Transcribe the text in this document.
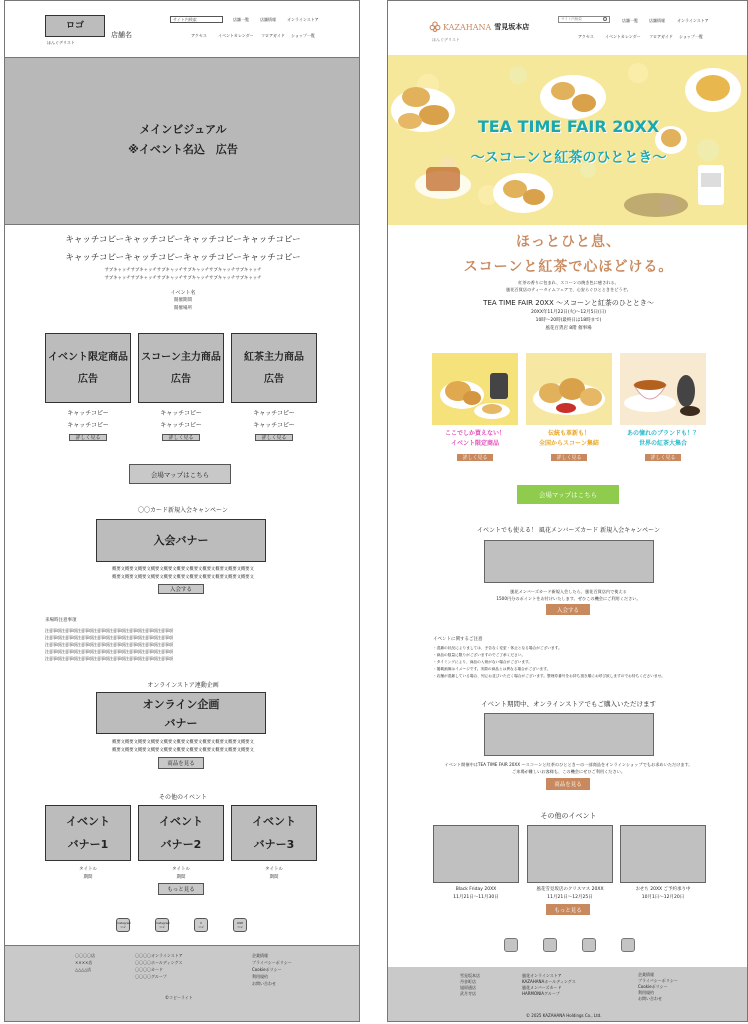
ロゴ
店舗名
ほんぐデリスト
サイト内検索	店舗一覧	店舗情報	オンラインストア
アクセス	イベントカレンダー フロアガイド ショップ一覧
メインビジュアル
※イベント名込　広告
キャッチコピーキャッチコピーキャッチコピーキャッチコピー
キャッチコピーキャッチコピーキャッチコピーキャッチコピー
サブキャッチサブキャッチサブキャッチサブキャッチサブキャッチサブキャッチ
サブキャッチサブキャッチサブキャッチサブキャッチサブキャッチサブキャッチ
イベント名
開催期間
開催場所
イベント限定商品
広告
キャッチコピー
キャッチコピー
詳しく見る
スコーン主力商品
広告
キャッチコピー
キャッチコピー
詳しく見る
紅茶主力商品
広告
キャッチコピー
キャッチコピー
詳しく見る
会場マップはこちら
〇〇カード新規入会キャンペーン
入会バナー
概要文概要文概要文概要文概要文概要文概要文概要文概要文概要文概要文
概要文概要文概要文概要文概要文概要文概要文概要文概要文概要文概要文
入会する
来場時注意事項
注意事項注意事項注意事項注意事項注意事項注意事項注意事項注意事項
注意事項注意事項注意事項注意事項注意事項注意事項注意事項注意事項
注意事項注意事項注意事項注意事項注意事項注意事項注意事項注意事項
注意事項注意事項注意事項注意事項注意事項注意事項注意事項注意事項
注意事項注意事項注意事項注意事項注意事項注意事項注意事項注意事項
オンラインストア連動企画
オンライン企画
バナー
概要文概要文概要文概要文概要文概要文概要文概要文概要文概要文概要文
概要文概要文概要文概要文概要文概要文概要文概要文概要文概要文概要文
商品を見る
その他のイベント
イベント
バナー1
イベント
バナー2
イベント
バナー3
タイトル
期間
タイトル
期間
タイトル
期間
もっと見る
Instagram
ロゴ
Instagram
ロゴ
X
ロゴ
LINE
ロゴ
〇〇〇〇店
××××店
△△△△店
〇〇〇〇オンラインストア
〇〇〇〇ホールディングス
〇〇〇〇カード
〇〇〇〇グループ
企業情報
プライバシーポリシー
Cookieポリシー
利用規約
お問い合わせ
©コピーライト
KAZAHANA 雪見坂本店
ほんぐデリスト
サイト内検索	店舗一覧	店舗情報	オンラインストア
アクセス	イベントカレンダー フロアガイド ショップ一覧
TEA TIME FAIR 20XX
〜スコーンと紅茶のひととき〜
ほっとひと息、
スコーンと紅茶で心ほどける。
紅茶の香りに包まれ、スコーンの焼き色に癒される。
風花百貨店のティータイムフェアで、心安らぐひとときをどうぞ。
TEA TIME FAIR 20XX 〜スコーンと紅茶のひととき〜
20XX年11月22日(火)〜12月5日(日)
10時〜20時(最終日は18時まで)
風花百貨店 8階 催事場
ここでしか買えない！
イベント限定商品
伝統も革新も！
全国からスコーン集結
あの憧れのブランドも！？
世界の紅茶大集合
詳しく見る	詳しく見る	詳しく見る
会場マップはこちら
イベントでも使える！ 風花メンバーズカード 新規入会キャンペーン
風花メンバーズカード新規入会したら、風花百貨店内で使える
1500円分のポイントをお付けいたします。ぜひこの機会にご利用ください。
入会する
イベントに関するご注意
・混雑の状況によりましては、予告なく変更・休止となる場合がございます。
・商品の数量に限りがございますのでご了承ください。
・タイミングにより、商品の入荷がない場合がございます。
・掲載画像はイメージです。実際の商品とは異なる場合がございます。
・店舗が混雑している場合、列にお並びいただく場合がございます。整理券番号をお持ち頂き順にお呼び致しますのでお待ちくださいませ。
イベント期間中、オンラインストアでもご購入いただけます
イベント開催中はTEA TIME FAIR 20XX 〜スコーンと紅茶のひととき〜の一部商品をオンラインショップでもお求めいただけます。
ご来場が難しいお客様も、この機会にぜひご利用ください。
商品を見る
その他のイベント
Black Friday 20XX
11月21日〜11月30日
風花雪見坂店のクリスマス 20XX
11月21日〜12月25日
おせち 20XX ご予約承り中
10月1日〜12月20日
もっと見る
雪見坂本店
丹音町店
旭原通店
武月寺店
風花オンラインストア
KAZAHANAホールディングス
風花メンバーズカード
HARMONIAグループ
企業情報
プライバシーポリシー
Cookieポリシー
利用規約
お問い合わせ
© 2025 KAZAHANA Holdings Co., Ltd.
